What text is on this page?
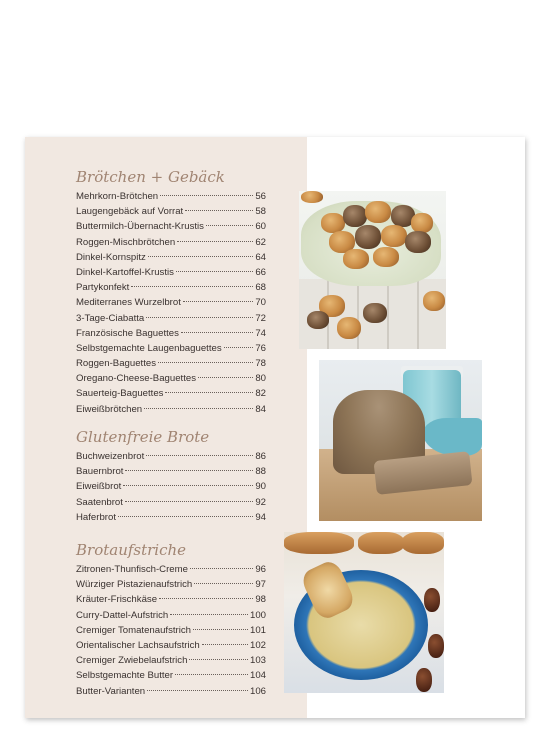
Brötchen + Gebäck
Mehrkorn-Brötchen	56
Laugengebäck auf Vorrat	58
Buttermilch-Übernacht-Krustis	60
Roggen-Mischbrötchen	62
Dinkel-Kornspitz	64
Dinkel-Kartoffel-Krustis	66
Partykonfekt	68
Mediterranes Wurzelbrot	70
3-Tage-Ciabatta	72
Französische Baguettes	74
Selbstgemachte Laugenbaguettes	76
Roggen-Baguettes	78
Oregano-Cheese-Baguettes	80
Sauerteig-Baguettes	82
Eiweißbrötchen	84
Glutenfreie Brote
Buchweizenbrot	86
Bauernbrot	88
Eiweißbrot	90
Saatenbrot	92
Haferbrot	94
Brotaufstriche
Zitronen-Thunfisch-Creme	96
Würziger Pistazienaufstrich	97
Kräuter-Frischkäse	98
Curry-Dattel-Aufstrich	100
Cremiger Tomatenaufstrich	101
Orientalischer Lachsaufstrich	102
Cremiger Zwiebelaufstrich	103
Selbstgemachte Butter	104
Butter-Varianten	106
